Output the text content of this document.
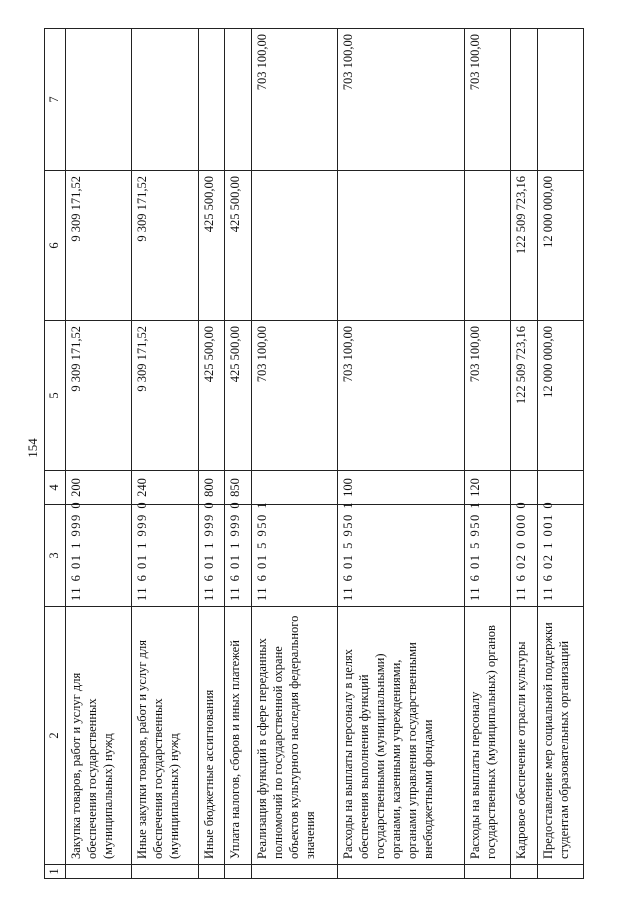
154
1	2	3	4	5	6	7
	Закупка товаров, работ и услуг для обеспечения государственных (муниципальных) нужд	11 6 01 1 999 0	200	9 309 171,52	9 309 171,52	
	Иные закупки товаров, работ и услуг для обеспечения государственных (муниципальных) нужд	11 6 01 1 999 0	240	9 309 171,52	9 309 171,52	
	Иные бюджетные ассигнования	11 6 01 1 999 0	800	425 500,00	425 500,00	
	Уплата налогов, сборов и иных платежей	11 6 01 1 999 0	850	425 500,00	425 500,00	
	Реализация функций в сфере переданных полномочий по государственной охране объектов культурного наследия федерального значения	11 6 01 5 950 1		703 100,00		703 100,00
	Расходы на выплаты персоналу в целях обеспечения выполнения функций государственными (муниципальными) органами, казенными учреждениями, органами управления государственными внебюджетными фондами	11 6 01 5 950 1	100	703 100,00		703 100,00
	Расходы на выплаты персоналу государственных (муниципальных) органов	11 6 01 5 950 1	120	703 100,00		703 100,00
	Кадровое обеспечение отрасли культуры	11 6 02 0 000 0		122 509 723,16	122 509 723,16	
	Предоставление мер социальной поддержки студентам образовательных организаций	11 6 02 1 001 0		12 000 000,00	12 000 000,00	
